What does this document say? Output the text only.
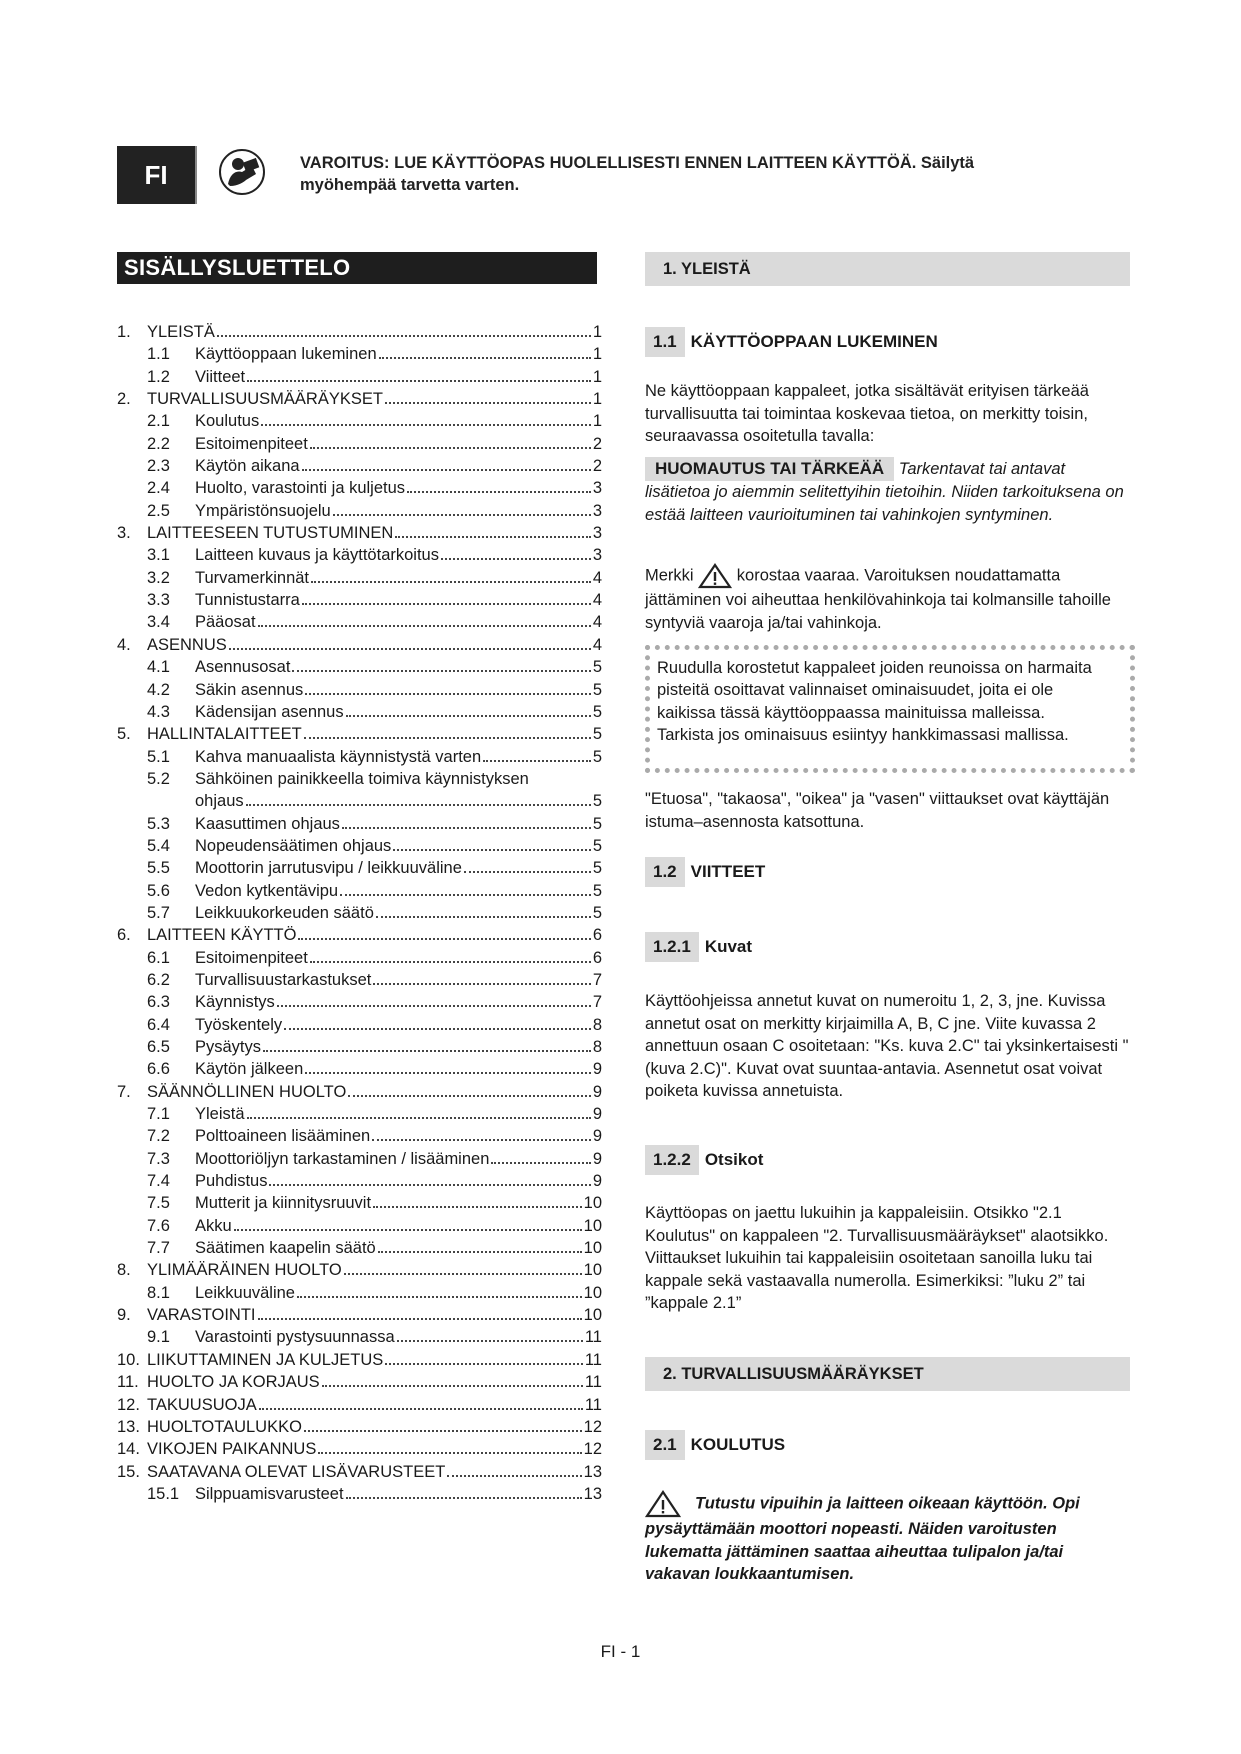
FI	VAROITUS: LUE KÄYTTÖOPAS HUOLELLISESTI ENNEN LAITTEEN KÄYTTÖÄ. Säilytä myöhempää tarvetta varten.
SISÄLLYSLUETTELO
1. YLEISTÄ	1
1.1	Käyttöoppaan lukeminen	1
1.2	Viitteet	1
2. TURVALLISUUSMÄÄRÄYKSET	1
2.1	Koulutus	1
2.2	Esitoimenpiteet	2
2.3	Käytön aikana	2
2.4	Huolto, varastointi ja kuljetus	3
2.5	Ympäristönsuojelu	3
3. LAITTEESEEN TUTUSTUMINEN	3
3.1	Laitteen kuvaus ja käyttötarkoitus	3
3.2	Turvamerkinnät	4
3.3	Tunnistustarra	4
3.4	Pääosat	4
4. ASENNUS	4
4.1	Asennusosat	5
4.2	Säkin asennus	5
4.3	Kädensijan asennus	5
5. HALLINTALAITTEET	5
5.1	Kahva manuaalista käynnistystä varten	5
5.2	Sähköinen painikkeella toimiva käynnistyksen
ohjaus	5
5.3	Kaasuttimen ohjaus	5
5.4	Nopeudensäätimen ohjaus	5
5.5	Moottorin jarrutusvipu / leikkuuväline	5
5.6	Vedon kytkentävipu	5
5.7	Leikkuukorkeuden säätö	5
6. LAITTEEN KÄYTTÖ	6
6.1	Esitoimenpiteet	6
6.2	Turvallisuustarkastukset	7
6.3	Käynnistys	7
6.4	Työskentely	8
6.5	Pysäytys	8
6.6	Käytön jälkeen	9
7. SÄÄNNÖLLINEN HUOLTO	9
7.1	Yleistä	9
7.2	Polttoaineen lisääminen	9
7.3	Moottoriöljyn tarkastaminen / lisääminen	9
7.4	Puhdistus	9
7.5	Mutterit ja kiinnitysruuvit	10
7.6	Akku	10
7.7	Säätimen kaapelin säätö	10
8. YLIMÄÄRÄINEN HUOLTO	10
8.1	Leikkuuväline	10
9. VARASTOINTI	10
9.1	Varastointi pystysuunnassa	11
10. LIIKUTTAMINEN JA KULJETUS	11
11. HUOLTO JA KORJAUS	11
12. TAKUUSUOJA	11
13. HUOLTOTAULUKKO	12
14. VIKOJEN PAIKANNUS	12
15. SAATAVANA OLEVAT LISÄVARUSTEET	13
15.1 Silppuamisvarusteet	13
1. YLEISTÄ
1.1 KÄYTTÖOPPAAN LUKEMINEN
Ne käyttöoppaan kappaleet, jotka sisältävät erityisen tärkeää turvallisuutta tai toimintaa koskevaa tietoa, on merkitty toisin, seuraavassa osoitetulla tavalla:
HUOMAUTUS TAI TÄRKEÄÄ Tarkentavat tai antavat lisätietoa jo aiemmin selitettyihin tietoihin. Niiden tarkoituksena on estää laitteen vaurioituminen tai vahinkojen syntyminen.
Merkki	korostaa vaaraa. Varoituksen noudattamatta jättäminen voi aiheuttaa henkilövahinkoja tai kolmansille tahoille syntyviä vaaroja ja/tai vahinkoja.
Ruudulla korostetut kappaleet joiden reunoissa on harmaita pisteitä osoittavat valinnaiset ominaisuudet, joita ei ole kaikissa tässä käyttöoppaassa mainituissa malleissa. Tarkista jos ominaisuus esiintyy hankkimassasi mallissa.
"Etuosa", "takaosa", "oikea" ja "vasen" viittaukset ovat käyttäjän istuma–asennosta katsottuna.
1.2 VIITTEET
1.2.1 Kuvat
Käyttöohjeissa annetut kuvat on numeroitu 1, 2, 3, jne. Kuvissa annetut osat on merkitty kirjaimilla A, B, C jne. Viite kuvassa 2 annettuun osaan C osoitetaan: "Ks. kuva 2.C" tai yksinkertaisesti "(kuva 2.C)". Kuvat ovat suuntaa-antavia. Asennetut osat voivat poiketa kuvissa annetuista.
1.2.2 Otsikot
Käyttöopas on jaettu lukuihin ja kappaleisiin. Otsikko "2.1 Koulutus" on kappaleen "2. Turvallisuusmääräykset" alaotsikko. Viittaukset lukuihin tai kappaleisiin osoitetaan sanoilla luku tai kappale sekä vastaavalla numerolla. Esimerkiksi: ”luku 2” tai ”kappale 2.1”
2. TURVALLISUUSMÄÄRÄYKSET
2.1 KOULUTUS
Tutustu vipuihin ja laitteen oikeaan käyttöön. Opi pysäyttämään moottori nopeasti. Näiden varoitusten lukematta jättäminen saattaa aiheuttaa tulipalon ja/tai vakavan loukkaantumisen.
FI - 1
